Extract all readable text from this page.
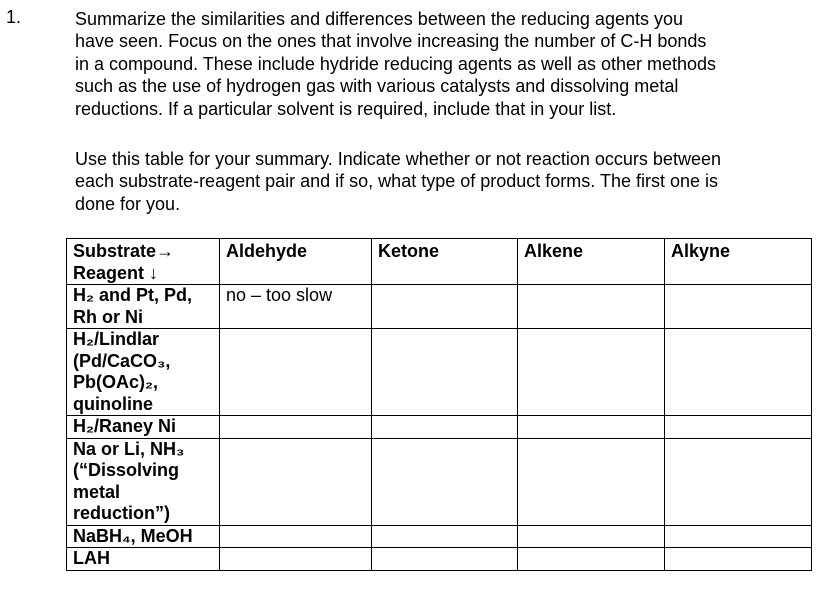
1.	Summarize the similarities and differences between the reducing agents you
have seen. Focus on the ones that involve increasing the number of C-H bonds
in a compound. These include hydride reducing agents as well as other methods
such as the use of hydrogen gas with various catalysts and dissolving metal
reductions. If a particular solvent is required, include that in your list.

Use this table for your summary. Indicate whether or not reaction occurs between
each substrate-reagent pair and if so, what type of product forms. The first one is
done for you.

Substrate→
Reagent ↓	Aldehyde	Ketone	Alkene	Alkyne

H₂ and Pt, Pd,
Rh or Ni	no – too slow			

H₂/Lindlar
(Pd/CaCO₃,
Pb(OAc)₂,
quinoline				

H₂/Raney Ni				

Na or Li, NH₃
(“Dissolving
metal
reduction”)				

NaBH₄, MeOH				

LAH				
